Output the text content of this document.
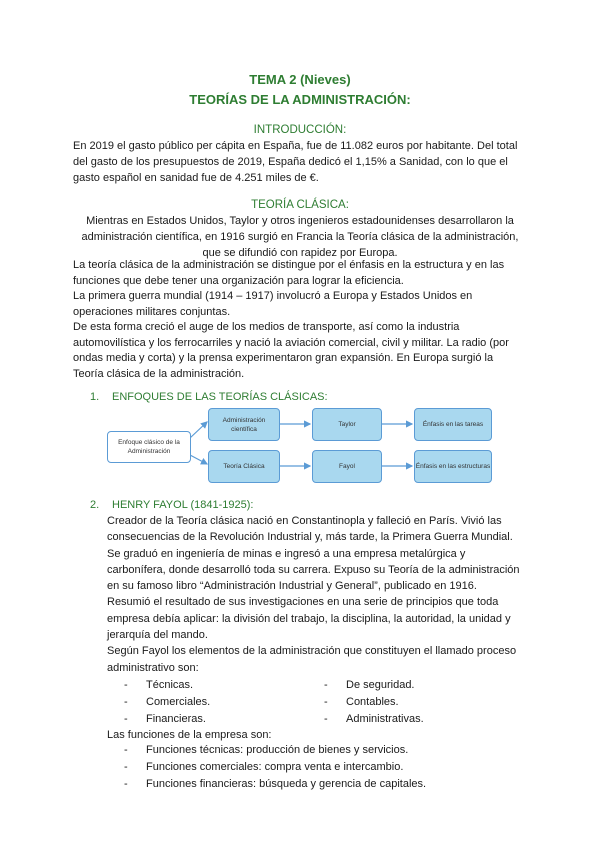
TEMA 2 (Nieves)
TEORÍAS DE LA ADMINISTRACIÓN:
INTRODUCCIÓN:
En 2019 el gasto público per cápita en España, fue de 11.082 euros por habitante. Del total
del gasto de los presupuestos de 2019, España dedicó el 1,15% a Sanidad, con lo que el
gasto español en sanidad fue de 4.251 miles de €.
TEORÍA CLÁSICA:
Mientras en Estados Unidos, Taylor y otros ingenieros estadounidenses desarrollaron la
administración científica, en 1916 surgió en Francia la Teoría clásica de la administración,
que se difundió con rapidez por Europa.
La teoría clásica de la administración se distingue por el énfasis en la estructura y en las
funciones que debe tener una organización para lograr la eficiencia.
La primera guerra mundial (1914 – 1917) involucró a Europa y Estados Unidos en
operaciones militares conjuntas.
De esta forma creció el auge de los medios de transporte, así como la industria
automovilística y los ferrocarriles y nació la aviación comercial, civil y militar. La radio (por
ondas media y corta) y la prensa experimentaron gran expansión. En Europa surgió la
Teoría clásica de la administración.
1. ENFOQUES DE LAS TEORÍAS CLÁSICAS:
Enfoque clásico de la Administración
Administración científica
Taylor	Énfasis en las tareas
Teoría Clásica	Fayol	Énfasis en las estructuras
2. HENRY FAYOL (1841-1925):
Creador de la Teoría clásica nació en Constantinopla y falleció en París. Vivió las
consecuencias de la Revolución Industrial y, más tarde, la Primera Guerra Mundial.
Se graduó en ingeniería de minas e ingresó a una empresa metalúrgica y
carbonífera, donde desarrolló toda su carrera. Expuso su Teoría de la administración
en su famoso libro “Administración Industrial y General”, publicado en 1916.
Resumió el resultado de sus investigaciones en una serie de principios que toda
empresa debía aplicar: la división del trabajo, la disciplina, la autoridad, la unidad y
jerarquía del mando.
Según Fayol los elementos de la administración que constituyen el llamado proceso
administrativo son:
- Técnicas.
- Comerciales.
- Financieras.
- De seguridad.
- Contables.
- Administrativas.
Las funciones de la empresa son:
- Funciones técnicas: producción de bienes y servicios.
- Funciones comerciales: compra venta e intercambio.
- Funciones financieras: búsqueda y gerencia de capitales.
